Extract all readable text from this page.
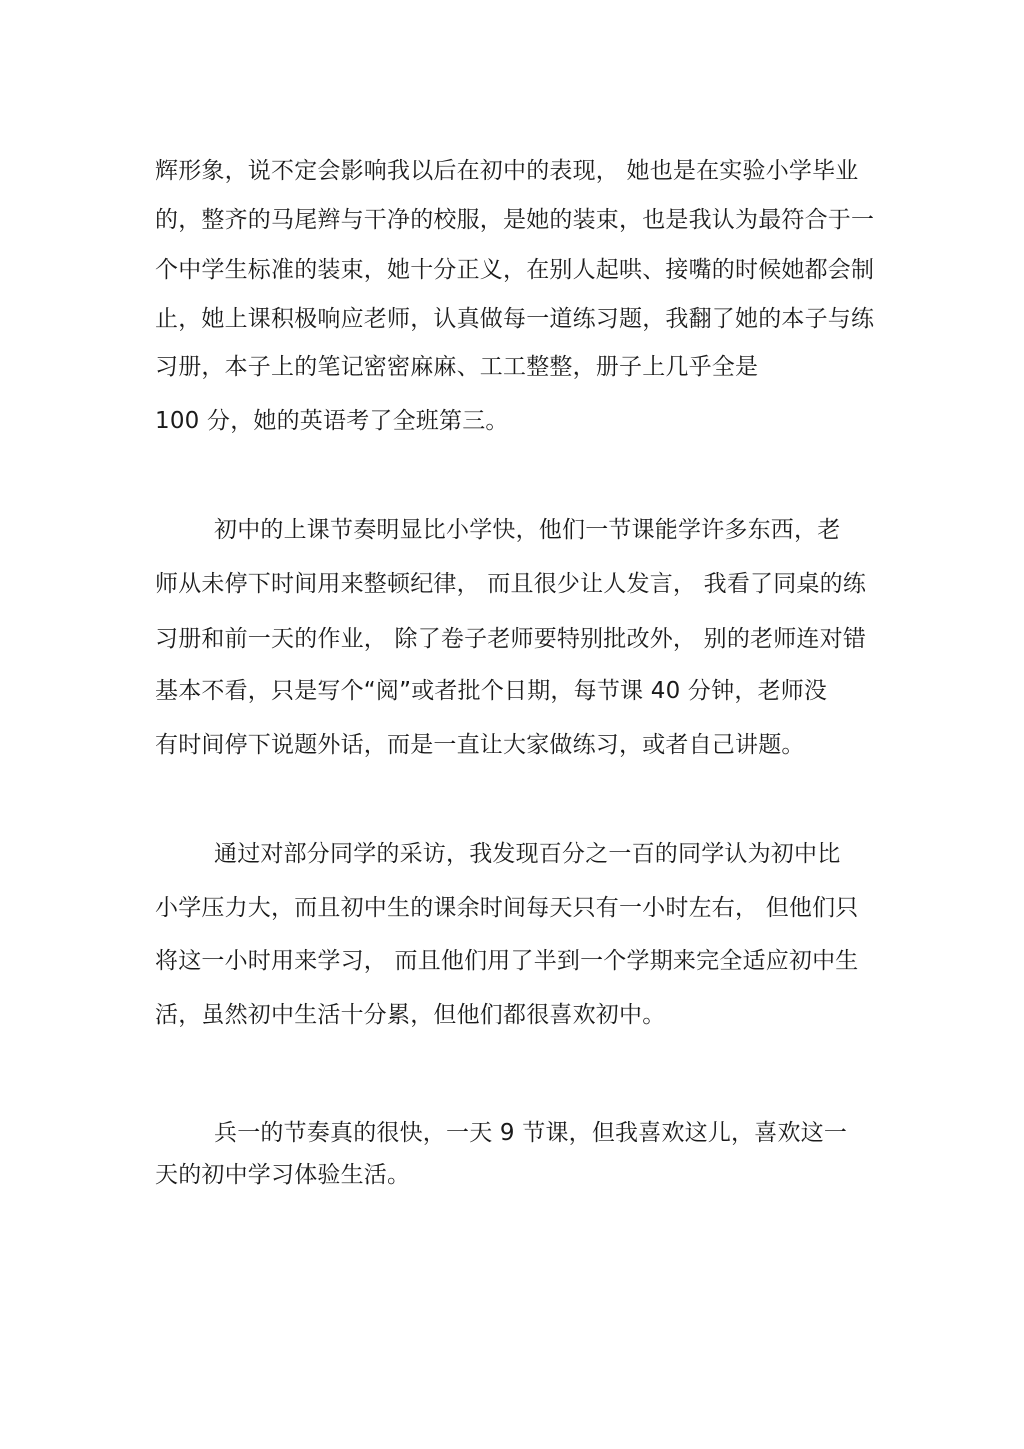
辉形象，说不定会影响我以后在初中的表现， 她也是在实验小学毕业
的，整齐的马尾辫与干净的校服，是她的装束，也是我认为最符合于一
个中学生标准的装束，她十分正义，在别人起哄、接嘴的时候她都会制
止，她上课积极响应老师，认真做每一道练习题，我翻了她的本子与练
习册，本子上的笔记密密麻麻、工工整整，册子上几乎全是
100 分，她的英语考了全班第三。
初中的上课节奏明显比小学快，他们一节课能学许多东西，老
师从未停下时间用来整顿纪律， 而且很少让人发言， 我看了同桌的练
习册和前一天的作业， 除了卷子老师要特别批改外， 别的老师连对错
基本不看，只是写个“阅”或者批个日期，每节课 40 分钟，老师没
有时间停下说题外话，而是一直让大家做练习，或者自己讲题。
通过对部分同学的采访，我发现百分之一百的同学认为初中比
小学压力大，而且初中生的课余时间每天只有一小时左右， 但他们只
将这一小时用来学习， 而且他们用了半到一个学期来完全适应初中生
活，虽然初中生活十分累，但他们都很喜欢初中。
兵一的节奏真的很快，一天 9 节课，但我喜欢这儿，喜欢这一
天的初中学习体验生活。
